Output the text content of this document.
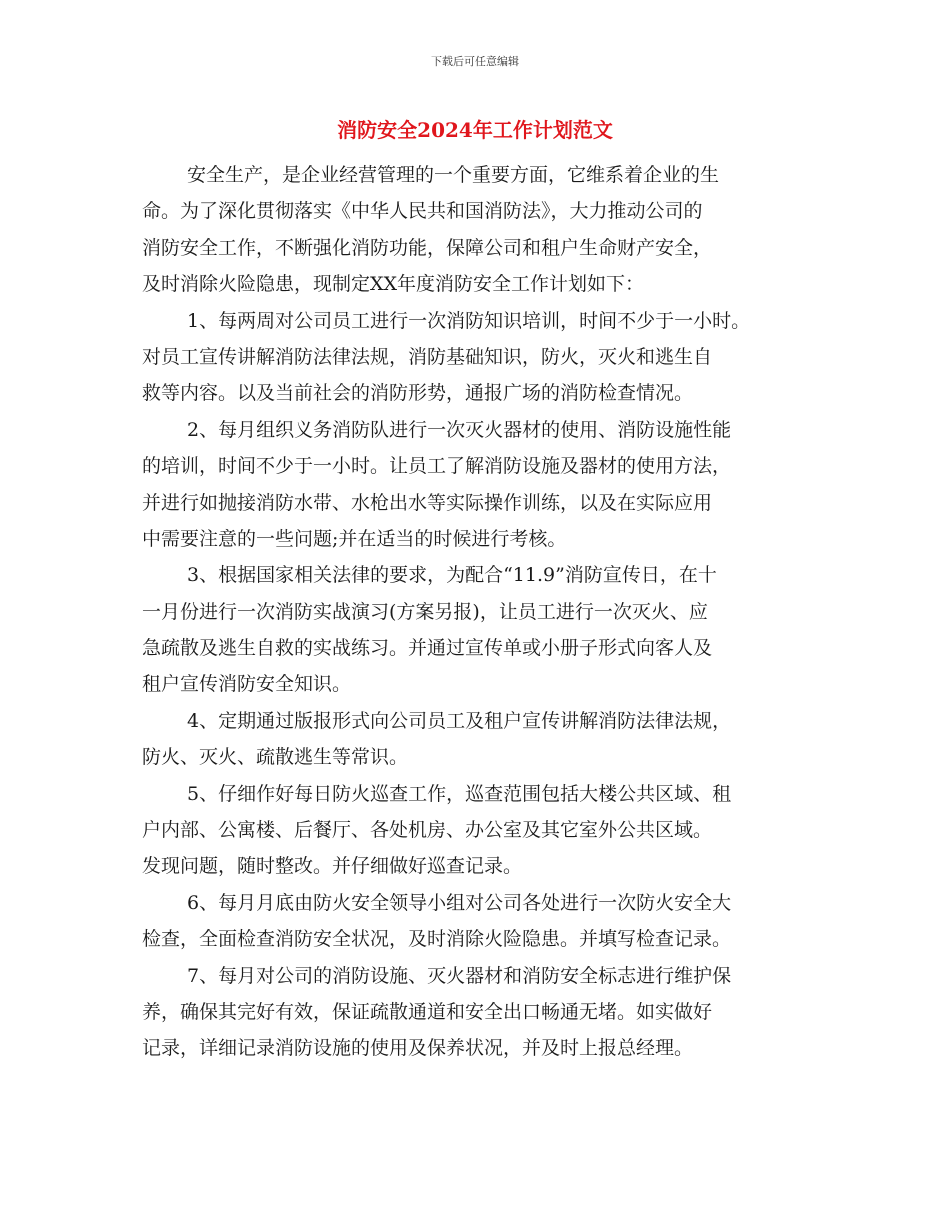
下载后可任意编辑
消防安全2024年工作计划范文
安全生产，是企业经营管理的一个重要方面，它维系着企业的生
命。为了深化贯彻落实《中华人民共和国消防法》，大力推动公司的
消防安全工作，不断强化消防功能，保障公司和租户生命财产安全，
及时消除火险隐患，现制定XX年度消防安全工作计划如下：
1、每两周对公司员工进行一次消防知识培训，时间不少于一小时。
对员工宣传讲解消防法律法规，消防基础知识，防火，灭火和逃生自
救等内容。以及当前社会的消防形势，通报广场的消防检查情况。
2、每月组织义务消防队进行一次灭火器材的使用、消防设施性能
的培训，时间不少于一小时。让员工了解消防设施及器材的使用方法，
并进行如抛接消防水带、水枪出水等实际操作训练，以及在实际应用
中需要注意的一些问题;并在适当的时候进行考核。
3、根据国家相关法律的要求，为配合“11.9”消防宣传日，在十
一月份进行一次消防实战演习(方案另报)，让员工进行一次灭火、应
急疏散及逃生自救的实战练习。并通过宣传单或小册子形式向客人及
租户宣传消防安全知识。
4、定期通过版报形式向公司员工及租户宣传讲解消防法律法规，
防火、灭火、疏散逃生等常识。
5、仔细作好每日防火巡查工作，巡查范围包括大楼公共区域、租
户内部、公寓楼、后餐厅、各处机房、办公室及其它室外公共区域。
发现问题，随时整改。并仔细做好巡查记录。
6、每月月底由防火安全领导小组对公司各处进行一次防火安全大
检查，全面检查消防安全状况，及时消除火险隐患。并填写检查记录。
7、每月对公司的消防设施、灭火器材和消防安全标志进行维护保
养，确保其完好有效，保证疏散通道和安全出口畅通无堵。如实做好
记录，详细记录消防设施的使用及保养状况，并及时上报总经理。
